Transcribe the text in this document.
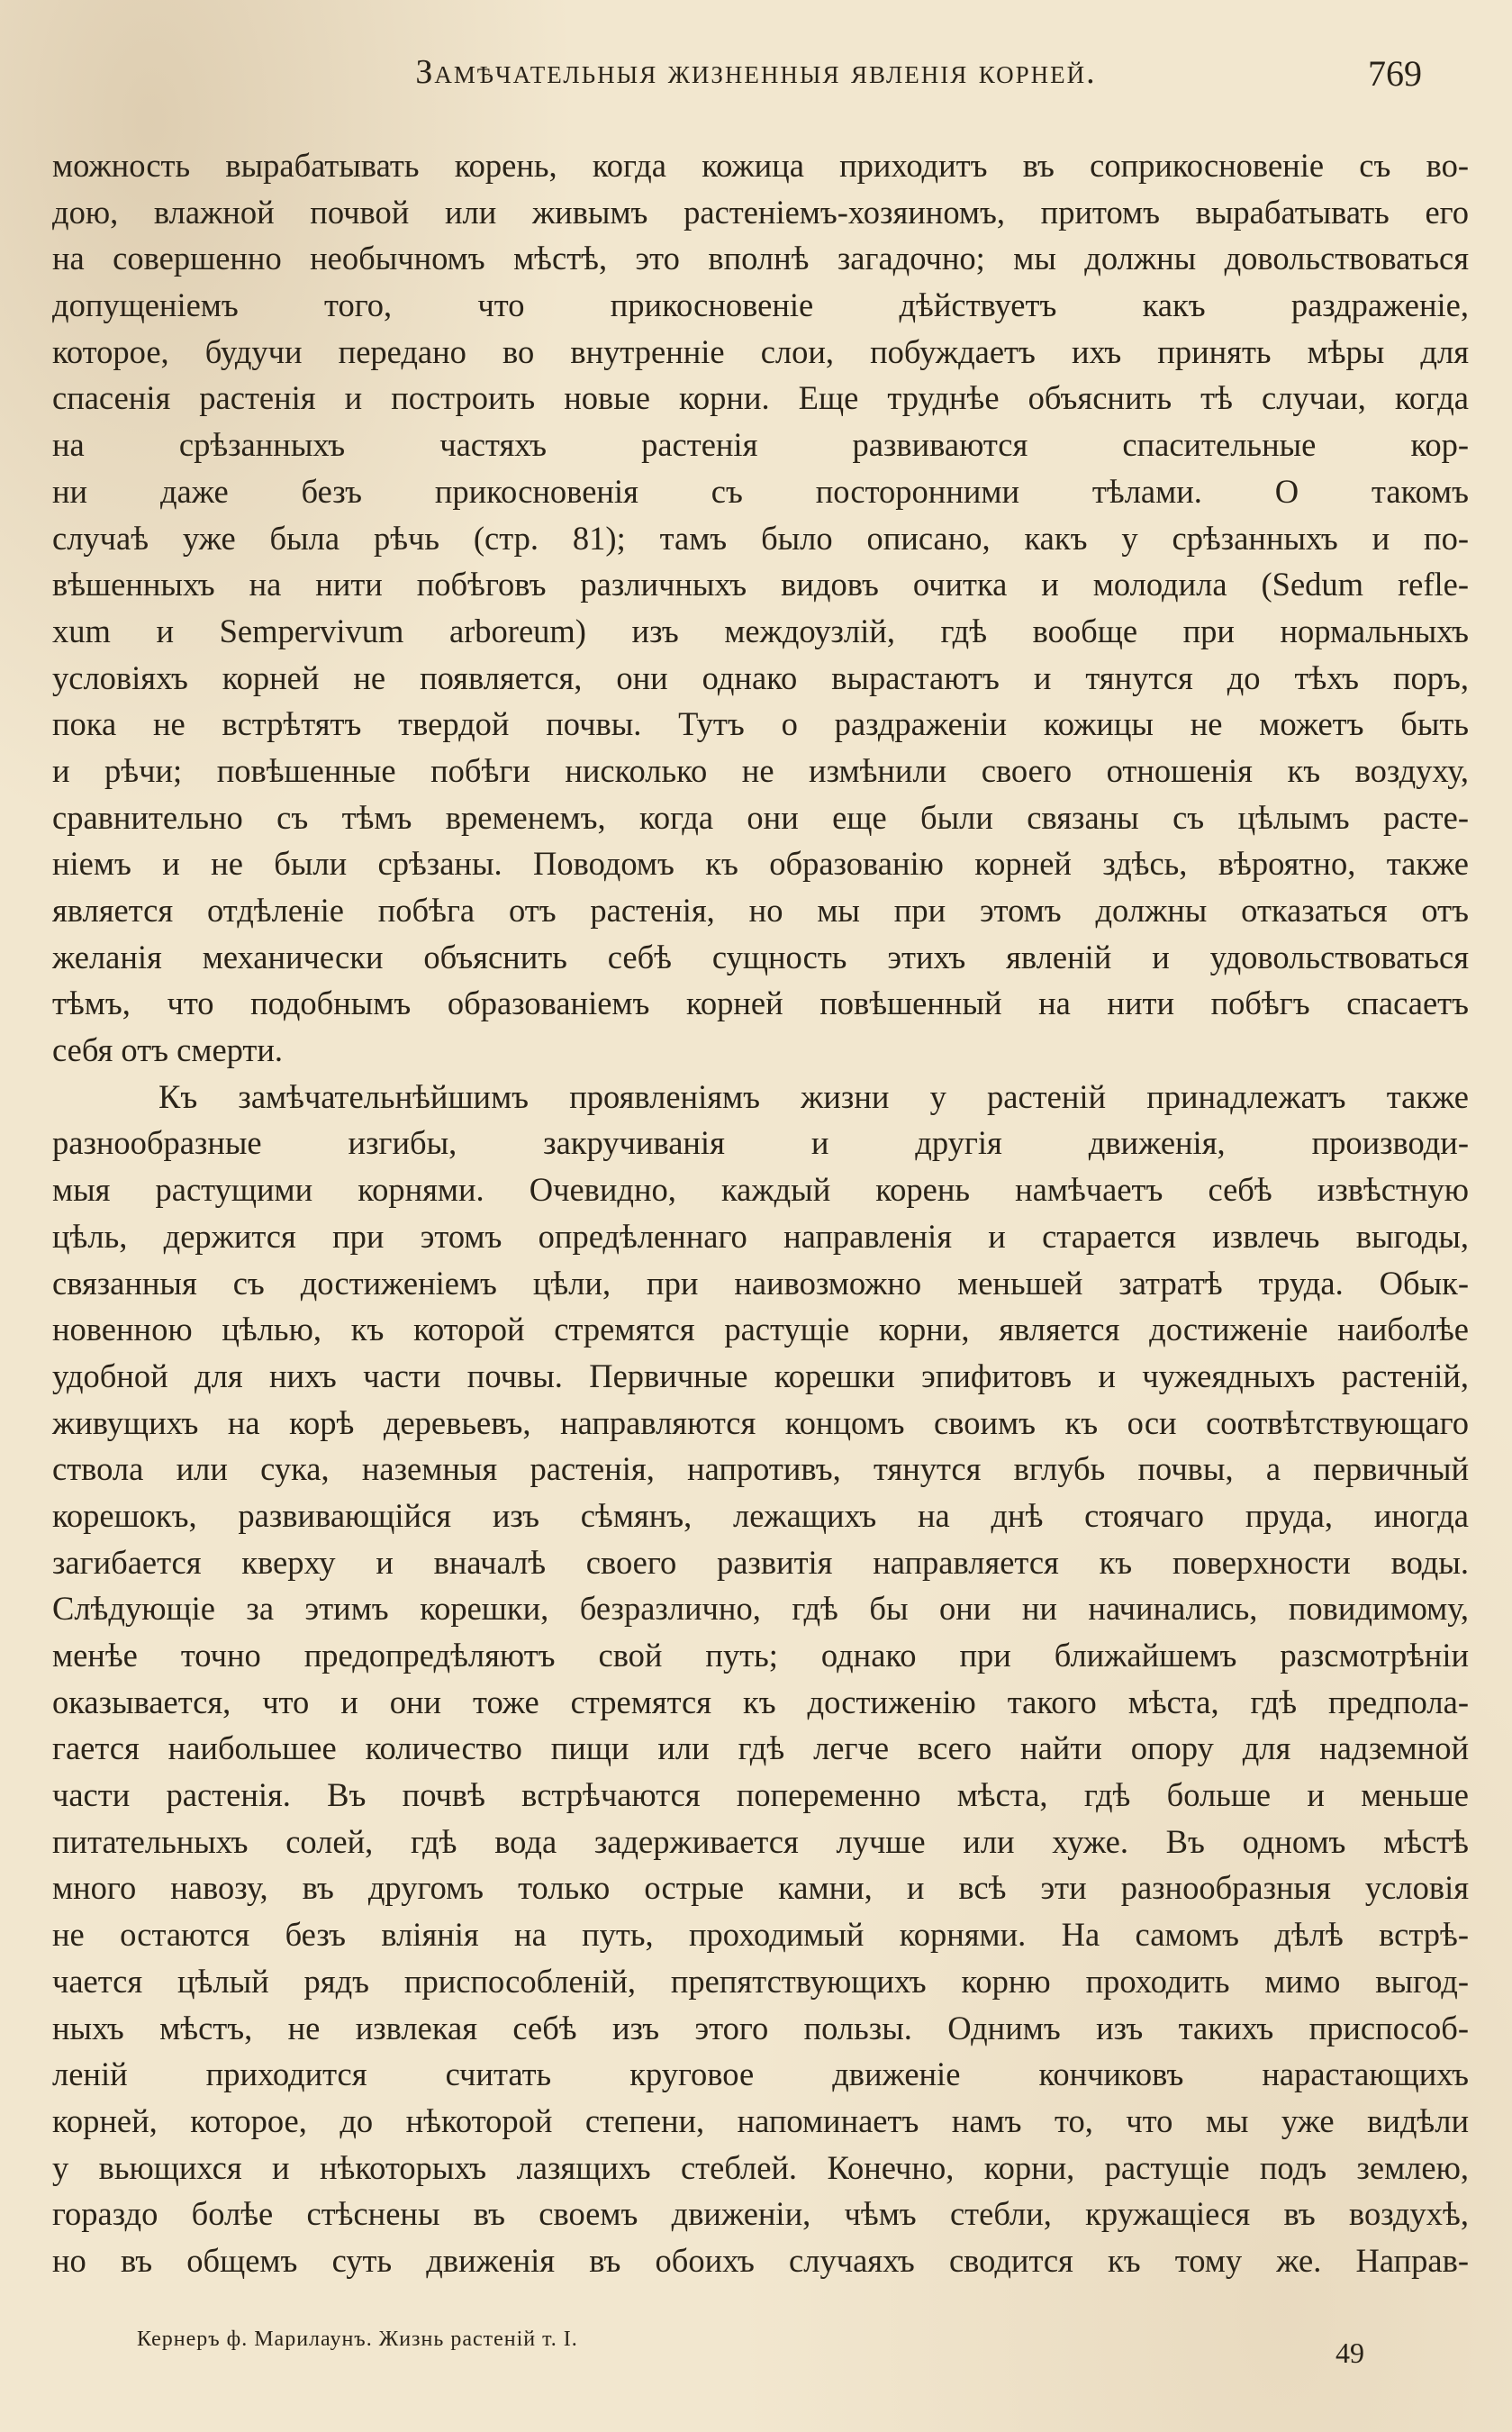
Замѣчательныя жизненныя явленія корней.	769
можность вырабатывать корень, когда кожица приходитъ въ соприкосновеніе съ во-
дою, влажной почвой или живымъ растеніемъ-хозяиномъ, притомъ вырабатывать его
на совершенно необычномъ мѣстѣ, это вполнѣ загадочно; мы должны довольствоваться
допущеніемъ того, что прикосновеніе дѣйствуетъ какъ раздраженіе,
которое, будучи передано во внутренніе слои, побуждаетъ ихъ принять мѣры для
спасенія растенія и построить новые корни. Еще труднѣе объяснить тѣ случаи, когда
на срѣзанныхъ частяхъ растенія развиваются спасительные кор-
ни даже безъ прикосновенія съ посторонними тѣлами. О такомъ
случаѣ уже была рѣчь (стр. 81); тамъ было описано, какъ у срѣзанныхъ и по-
вѣшенныхъ на нити побѣговъ различныхъ видовъ очитка и молодила (Sedum refle-
xum и Sempervivum arboreum) изъ междоузлій, гдѣ вообще при нормальныхъ
условіяхъ корней не появляется, они однако вырастаютъ и тянутся до тѣхъ поръ,
пока не встрѣтятъ твердой почвы. Тутъ о раздраженіи кожицы не можетъ быть
и рѣчи; повѣшенные побѣги нисколько не измѣнили своего отношенія къ воздуху,
сравнительно съ тѣмъ временемъ, когда они еще были связаны съ цѣлымъ расте-
ніемъ и не были срѣзаны. Поводомъ къ образованію корней здѣсь, вѣроятно, также
является отдѣленіе побѣга отъ растенія, но мы при этомъ должны отказаться отъ
желанія механически объяснить себѣ сущность этихъ явленій и удовольствоваться
тѣмъ, что подобнымъ образованіемъ корней повѣшенный на нити побѣгъ спасаетъ
себя отъ смерти.
Къ замѣчательнѣйшимъ проявленіямъ жизни у растеній принадлежатъ также
разнообразные изгибы, закручиванія и другія движенія, производи-
мыя растущими корнями. Очевидно, каждый корень намѣчаетъ себѣ извѣстную
цѣль, держится при этомъ опредѣленнаго направленія и старается извлечь выгоды,
связанныя съ достиженіемъ цѣли, при наивозможно меньшей затратѣ труда. Обык-
новенною цѣлью, къ которой стремятся растущіе корни, является достиженіе наиболѣе
удобной для нихъ части почвы. Первичные корешки эпифитовъ и чужеядныхъ растеній,
живущихъ на корѣ деревьевъ, направляются концомъ своимъ къ оси соотвѣтствующаго
ствола или сука, наземныя растенія, напротивъ, тянутся вглубь почвы, а первичный
корешокъ, развивающійся изъ сѣмянъ, лежащихъ на днѣ стоячаго пруда, иногда
загибается кверху и вначалѣ своего развитія направляется къ поверхности воды.
Слѣдующіе за этимъ корешки, безразлично, гдѣ бы они ни начинались, повидимому,
менѣе точно предопредѣляютъ свой путь; однако при ближайшемъ разсмотрѣніи
оказывается, что и они тоже стремятся къ достиженію такого мѣста, гдѣ предпола-
гается наибольшее количество пищи или гдѣ легче всего найти опору для надземной
части растенія. Въ почвѣ встрѣчаются попеременно мѣста, гдѣ больше и меньше
питательныхъ солей, гдѣ вода задерживается лучше или хуже. Въ одномъ мѣстѣ
много навозу, въ другомъ только острые камни, и всѣ эти разнообразныя условія
не остаются безъ вліянія на путь, проходимый корнями. На самомъ дѣлѣ встрѣ-
чается цѣлый рядъ приспособленій, препятствующихъ корню проходить мимо выгод-
ныхъ мѣстъ, не извлекая себѣ изъ этого пользы. Однимъ изъ такихъ приспособ-
леній приходится считать круговое движеніе кончиковъ нарастающихъ
корней, которое, до нѣкоторой степени, напоминаетъ намъ то, что мы уже видѣли
у вьющихся и нѣкоторыхъ лазящихъ стеблей. Конечно, корни, растущіе подъ землею,
гораздо болѣе стѣснены въ своемъ движеніи, чѣмъ стебли, кружащіеся въ воздухѣ,
но въ общемъ суть движенія въ обоихъ случаяхъ сводится къ тому же. Направ-
Кернеръ ф. Марилаунъ. Жизнь растеній т. I.	49
